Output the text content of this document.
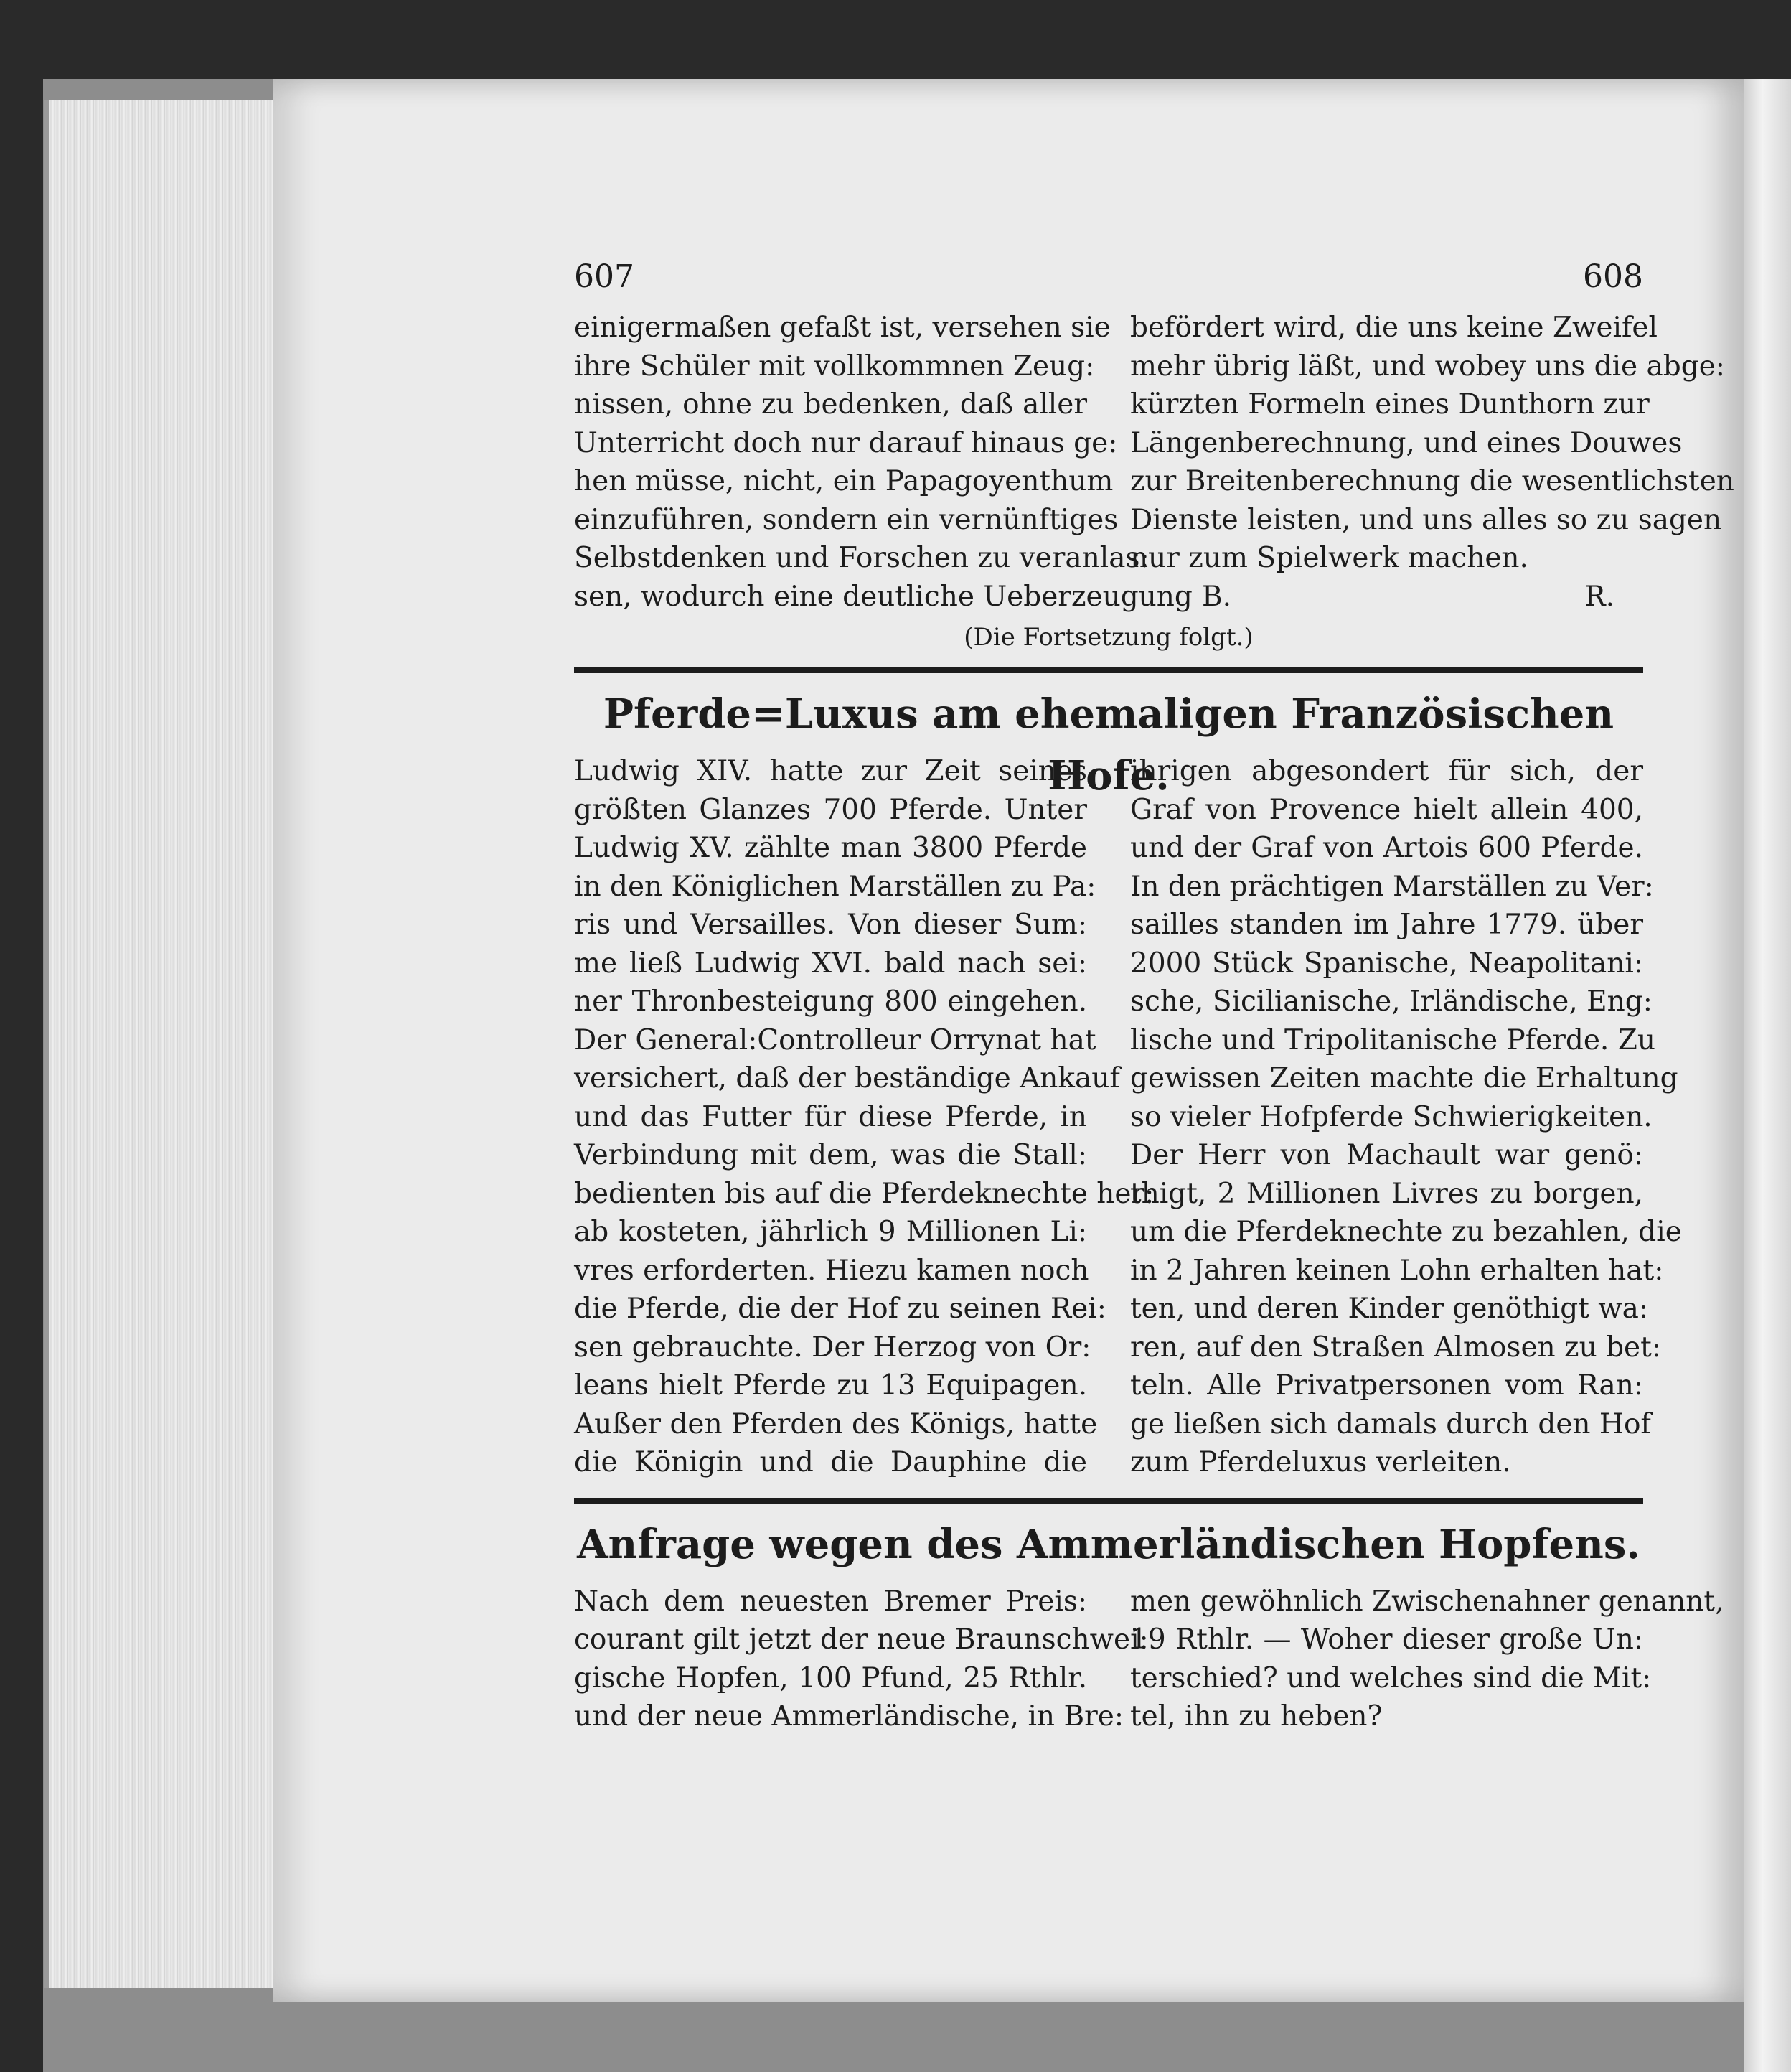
607	608
einigermaßen gefaßt ist, versehen sie
ihre Schüler mit vollkommnen Zeug:
nissen, ohne zu bedenken, daß aller
Unterricht doch nur darauf hinaus ge:
hen müsse, nicht, ein Papagoyenthum
einzuführen, sondern ein vernünftiges
Selbstdenken und Forschen zu veranlas:
sen, wodurch eine deutliche Ueberzeugung
befördert wird, die uns keine Zweifel
mehr übrig läßt, und wobey uns die abge:
kürzten Formeln eines Dunthorn zur
Längenberechnung, und eines Douwes
zur Breitenberechnung die wesentlichsten
Dienste leisten, und uns alles so zu sagen
nur zum Spielwerk machen.
B.	R.
(Die Fortsetzung folgt.)
Pferde=Luxus am ehemaligen Französischen Hofe.
Ludwig XIV. hatte zur Zeit seines
größten Glanzes 700 Pferde. Unter
Ludwig XV. zählte man 3800 Pferde
in den Königlichen Marställen zu Pa:
ris und Versailles. Von dieser Sum:
me ließ Ludwig XVI. bald nach sei:
ner Thronbesteigung 800 eingehen.
Der General:Controlleur Orrynat hat
versichert, daß der beständige Ankauf
und das Futter für diese Pferde, in
Verbindung mit dem, was die Stall:
bedienten bis auf die Pferdeknechte her:
ab kosteten, jährlich 9 Millionen Li:
vres erforderten. Hiezu kamen noch
die Pferde, die der Hof zu seinen Rei:
sen gebrauchte. Der Herzog von Or:
leans hielt Pferde zu 13 Equipagen.
Außer den Pferden des Königs, hatte
die Königin und die Dauphine die
ihrigen abgesondert für sich, der
Graf von Provence hielt allein 400,
und der Graf von Artois 600 Pferde.
In den prächtigen Marställen zu Ver:
sailles standen im Jahre 1779. über
2000 Stück Spanische, Neapolitani:
sche, Sicilianische, Irländische, Eng:
lische und Tripolitanische Pferde. Zu
gewissen Zeiten machte die Erhaltung
so vieler Hofpferde Schwierigkeiten.
Der Herr von Machault war genö:
thigt, 2 Millionen Livres zu borgen,
um die Pferdeknechte zu bezahlen, die
in 2 Jahren keinen Lohn erhalten hat:
ten, und deren Kinder genöthigt wa:
ren, auf den Straßen Almosen zu bet:
teln. Alle Privatpersonen vom Ran:
ge ließen sich damals durch den Hof
zum Pferdeluxus verleiten.
Anfrage wegen des Ammerländischen Hopfens.
Nach dem neuesten Bremer Preis:
courant gilt jetzt der neue Braunschwei:
gische Hopfen, 100 Pfund, 25 Rthlr.
und der neue Ammerländische, in Bre:
men gewöhnlich Zwischenahner genannt,
19 Rthlr. — Woher dieser große Un:
terschied? und welches sind die Mit:
tel, ihn zu heben?
